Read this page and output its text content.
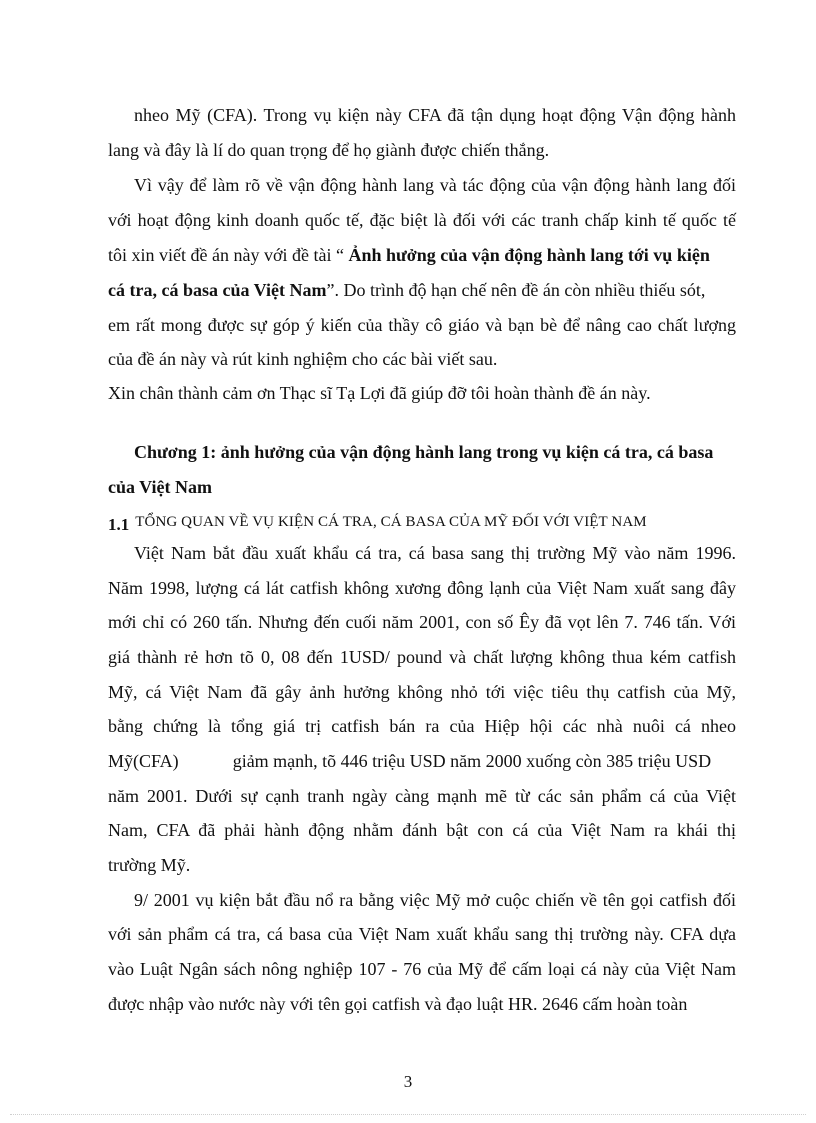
nheo Mỹ (CFA). Trong vụ kiện này CFA đã tận dụng hoạt động Vận động hành
lang và đây là lí do quan trọng để họ giành được chiến thắng.
Vì vậy để làm rõ về vận động hành lang và tác động của vận động hành lang đối
với hoạt động kinh doanh quốc tế, đặc biệt là đối với các tranh chấp kinh tế quốc tế
tôi xin viết đề án này với đề tài “ Ảnh hưởng của vận động hành lang tới vụ kiện
cá tra, cá basa của Việt Nam”. Do trình độ hạn chế nên đề án còn nhiều thiếu sót,
em rất mong được sự góp ý kiến của thầy cô giáo và bạn bè để nâng cao chất lượng
của đề án này và rút kinh nghiệm cho các bài viết sau.
Xin chân thành cảm ơn Thạc sĩ Tạ Lợi đã giúp đỡ tôi hoàn thành đề án này.
Chương 1: ảnh hưởng của vận động hành lang trong vụ kiện cá tra, cá basa
của Việt Nam
1.1 TỔNG QUAN VỀ VỤ KIỆN CÁ TRA, CÁ BASA CỦA MỸ ĐỐI VỚI VIỆT NAM
Việt Nam bắt đầu xuất khẩu cá tra, cá basa sang thị trường Mỹ vào năm 1996.
Năm 1998, lượng cá lát catfish không xương đông lạnh của Việt Nam xuất sang đây
mới chỉ có 260 tấn. Nhưng đến cuối năm 2001, con số Êy đã vọt lên 7. 746 tấn. Với
giá thành rẻ hơn tõ 0, 08 đến 1USD/ pound và chất lượng không thua kém catfish
Mỹ, cá Việt Nam đã gây ảnh hưởng không nhỏ tới việc tiêu thụ catfish của Mỹ,
bằng chứng là tổng giá trị catfish bán ra của Hiệp hội các nhà nuôi cá nheo
Mỹ(CFA)	giảm mạnh, tõ 446 triệu USD năm 2000 xuống còn 385 triệu USD
năm 2001. Dưới sự cạnh tranh ngày càng mạnh mẽ từ các sản phẩm cá của Việt
Nam, CFA đã phải hành động nhằm đánh bật con cá của Việt Nam ra khái thị
trường Mỹ.
9/ 2001 vụ kiện bắt đầu nổ ra bằng việc Mỹ mở cuộc chiến về tên gọi catfish đối
với sản phẩm cá tra, cá basa của Việt Nam xuất khẩu sang thị trường này. CFA dựa
vào Luật Ngân sách nông nghiệp 107 - 76 của Mỹ để cấm loại cá này của Việt Nam
được nhập vào nước này với tên gọi catfish và đạo luật HR. 2646 cấm hoàn toàn
3
